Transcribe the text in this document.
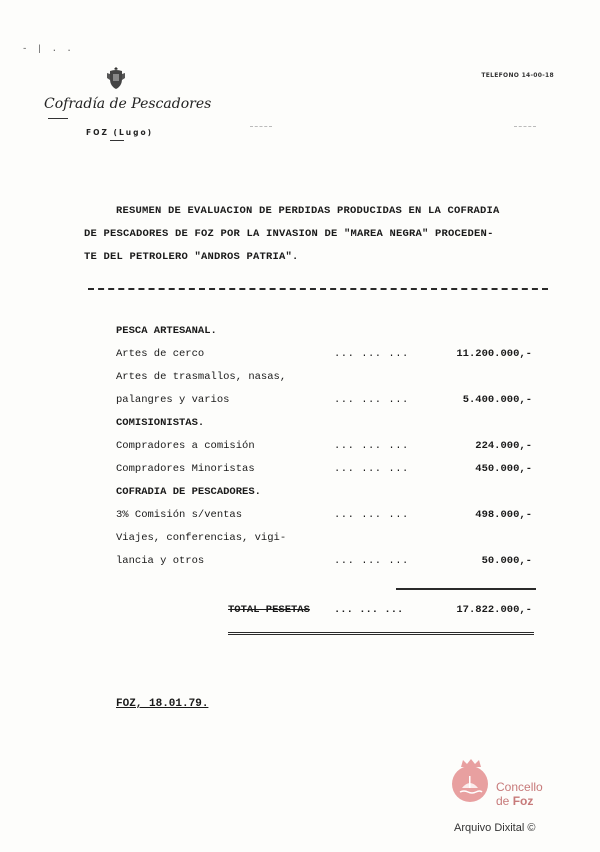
- | . .
Cofradía de Pescadores
FOZ (Lugo)
TELEFONO 14-00-18
RESUMEN DE EVALUACION DE PERDIDAS PRODUCIDAS EN LA COFRADIA
DE PESCADORES DE FOZ POR LA INVASION DE "MAREA NEGRA" PROCEDEN-
TE DEL PETROLERO "ANDROS PATRIA".
PESCA ARTESANAL.
Artes de cerco	... ... ...	11.200.000,-
Artes de trasmallos, nasas,
palangres y varios	... ... ...	5.400.000,-
COMISIONISTAS.
Compradores a comisión	... ... ...	224.000,-
Compradores Minoristas	... ... ...	450.000,-
COFRADIA DE PESCADORES.
3% Comisión s/ventas	... ... ...	498.000,-
Viajes, conferencias, vigi-
lancia y otros	... ... ...	50.000,-
TOTAL PESETAS ... ... ...	17.822.000,-
FOZ, 18.01.79.
Concello
de Foz
Arquivo Dixital ©
